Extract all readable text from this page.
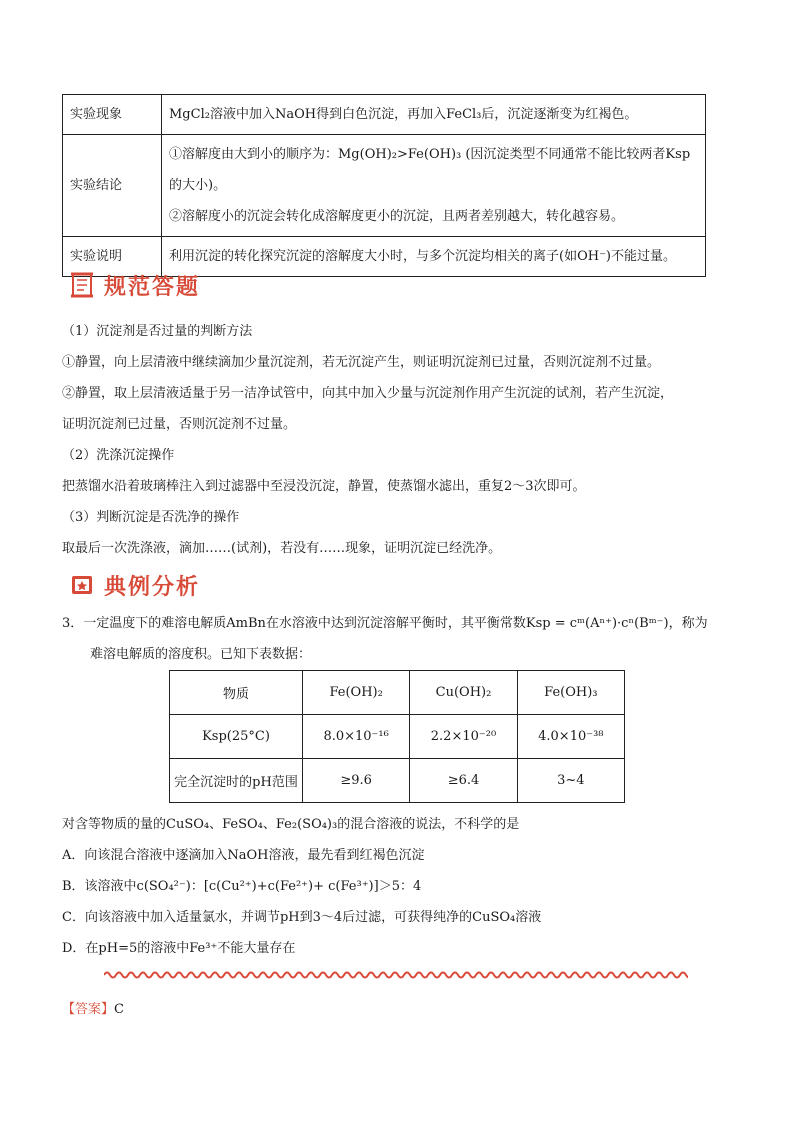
实验现象	MgCl₂溶液中加入NaOH得到白色沉淀，再加入FeCl₃后，沉淀逐渐变为红褐色。

实验结论	①溶解度由大到小的顺序为：Mg(OH)₂>Fe(OH)₃ (因沉淀类型不同通常不能比较两者Ksp
的大小)。
②溶解度小的沉淀会转化成溶解度更小的沉淀，且两者差别越大，转化越容易。

实验说明	利用沉淀的转化探究沉淀的溶解度大小时，与多个沉淀均相关的离子(如OH⁻)不能过量。
规范答题
（1）沉淀剂是否过量的判断方法
①静置，向上层清液中继续滴加少量沉淀剂，若无沉淀产生，则证明沉淀剂已过量，否则沉淀剂不过量。
②静置，取上层清液适量于另一洁净试管中，向其中加入少量与沉淀剂作用产生沉淀的试剂，若产生沉淀，
证明沉淀剂已过量，否则沉淀剂不过量。
（2）洗涤沉淀操作
把蒸馏水沿着玻璃棒注入到过滤器中至浸没沉淀，静置，使蒸馏水滤出，重复2～3次即可。
（3）判断沉淀是否洗净的操作
取最后一次洗涤液，滴加……(试剂)，若没有……现象，证明沉淀已经洗净。
典例分析
3．一定温度下的难溶电解质AmBn在水溶液中达到沉淀溶解平衡时，其平衡常数Ksp = cᵐ(Aⁿ⁺)·cⁿ(Bᵐ⁻)，称为
难溶电解质的溶度积。已知下表数据：
物质	Fe(OH)₂	Cu(OH)₂	Fe(OH)₃
Ksp(25°C)	8.0×10⁻¹⁶	2.2×10⁻²⁰	4.0×10⁻³⁸
完全沉淀时的pH范围	≥9.6	≥6.4	3~4
对含等物质的量的CuSO₄、FeSO₄、Fe₂(SO₄)₃的混合溶液的说法，不科学的是
A．向该混合溶液中逐滴加入NaOH溶液，最先看到红褐色沉淀
B．该溶液中c(SO₄²⁻)：[c(Cu²⁺)+c(Fe²⁺)+ c(Fe³⁺)]＞5：4
C．向该溶液中加入适量氯水，并调节pH到3～4后过滤，可获得纯净的CuSO₄溶液
D．在pH=5的溶液中Fe³⁺不能大量存在
【答案】C
